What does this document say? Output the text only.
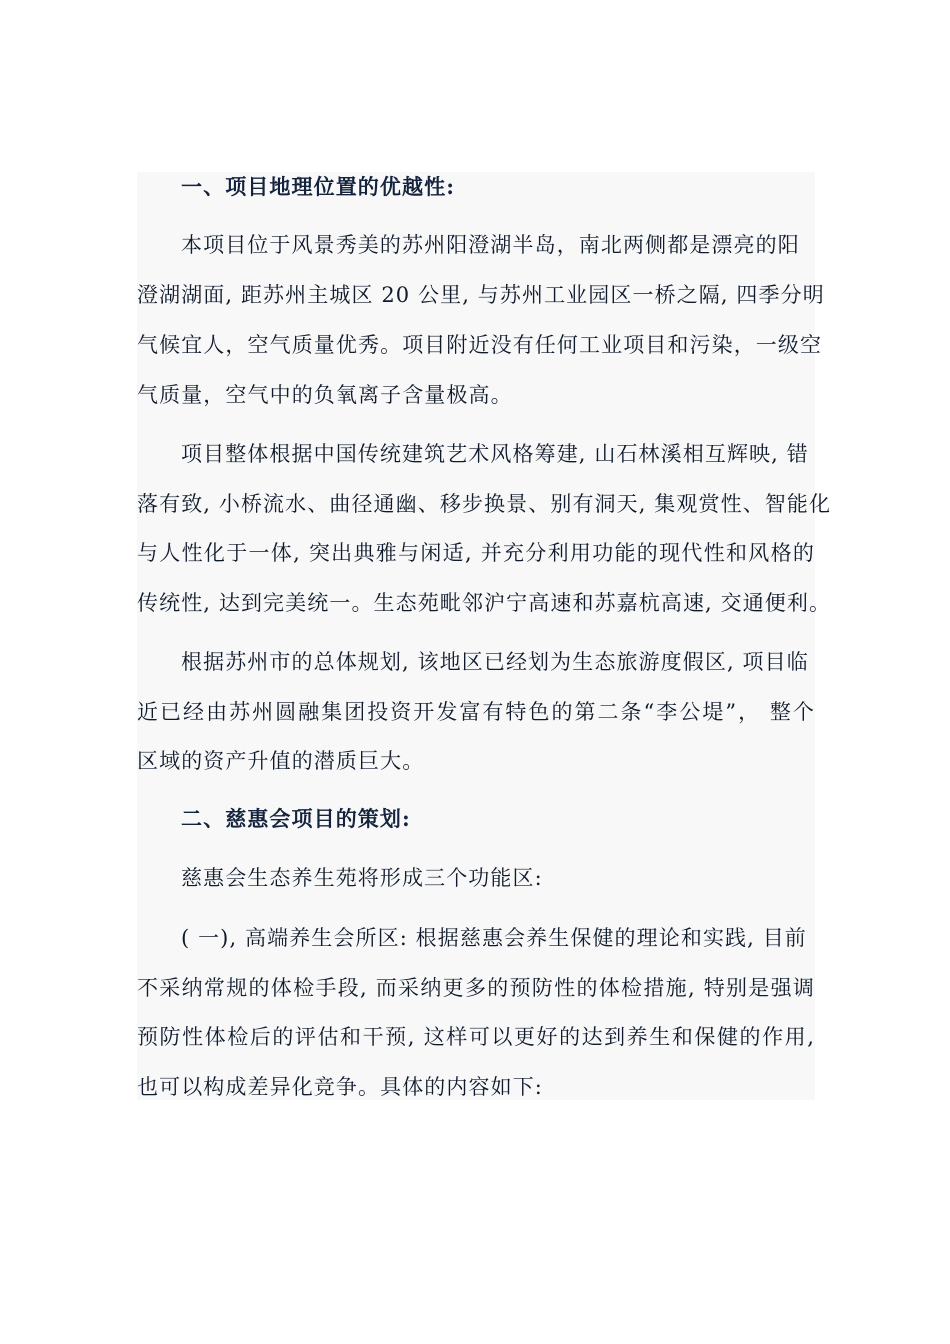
一、项目地理位置的优越性:
本项目位于风景秀美的苏州阳澄湖半岛，南北两侧都是漂亮的阳
澄湖湖面, 距苏州主城区 20 公里, 与苏州工业园区一桥之隔, 四季分明
气候宜人，空气质量优秀。项目附近没有任何工业项目和污染，一级空
气质量，空气中的负氧离子含量极高。
项目整体根据中国传统建筑艺术风格筹建, 山石林溪相互辉映, 错
落有致, 小桥流水、曲径通幽、移步换景、别有洞天, 集观赏性、智能化
与人性化于一体, 突出典雅与闲适, 并充分利用功能的现代性和风格的
传统性, 达到完美统一。生态苑毗邻沪宁高速和苏嘉杭高速, 交通便利。
根据苏州市的总体规划, 该地区已经划为生态旅游度假区, 项目临
近已经由苏州圆融集团投资开发富有特色的第二条“李公堤”， 整个
区域的资产升值的潜质巨大。
二、慈惠会项目的策划:
慈惠会生态养生苑将形成三个功能区:
( 一), 高端养生会所区: 根据慈惠会养生保健的理论和实践, 目前
不采纳常规的体检手段, 而采纳更多的预防性的体检措施, 特别是强调
预防性体检后的评估和干预, 这样可以更好的达到养生和保健的作用,
也可以构成差异化竞争。具体的内容如下:
